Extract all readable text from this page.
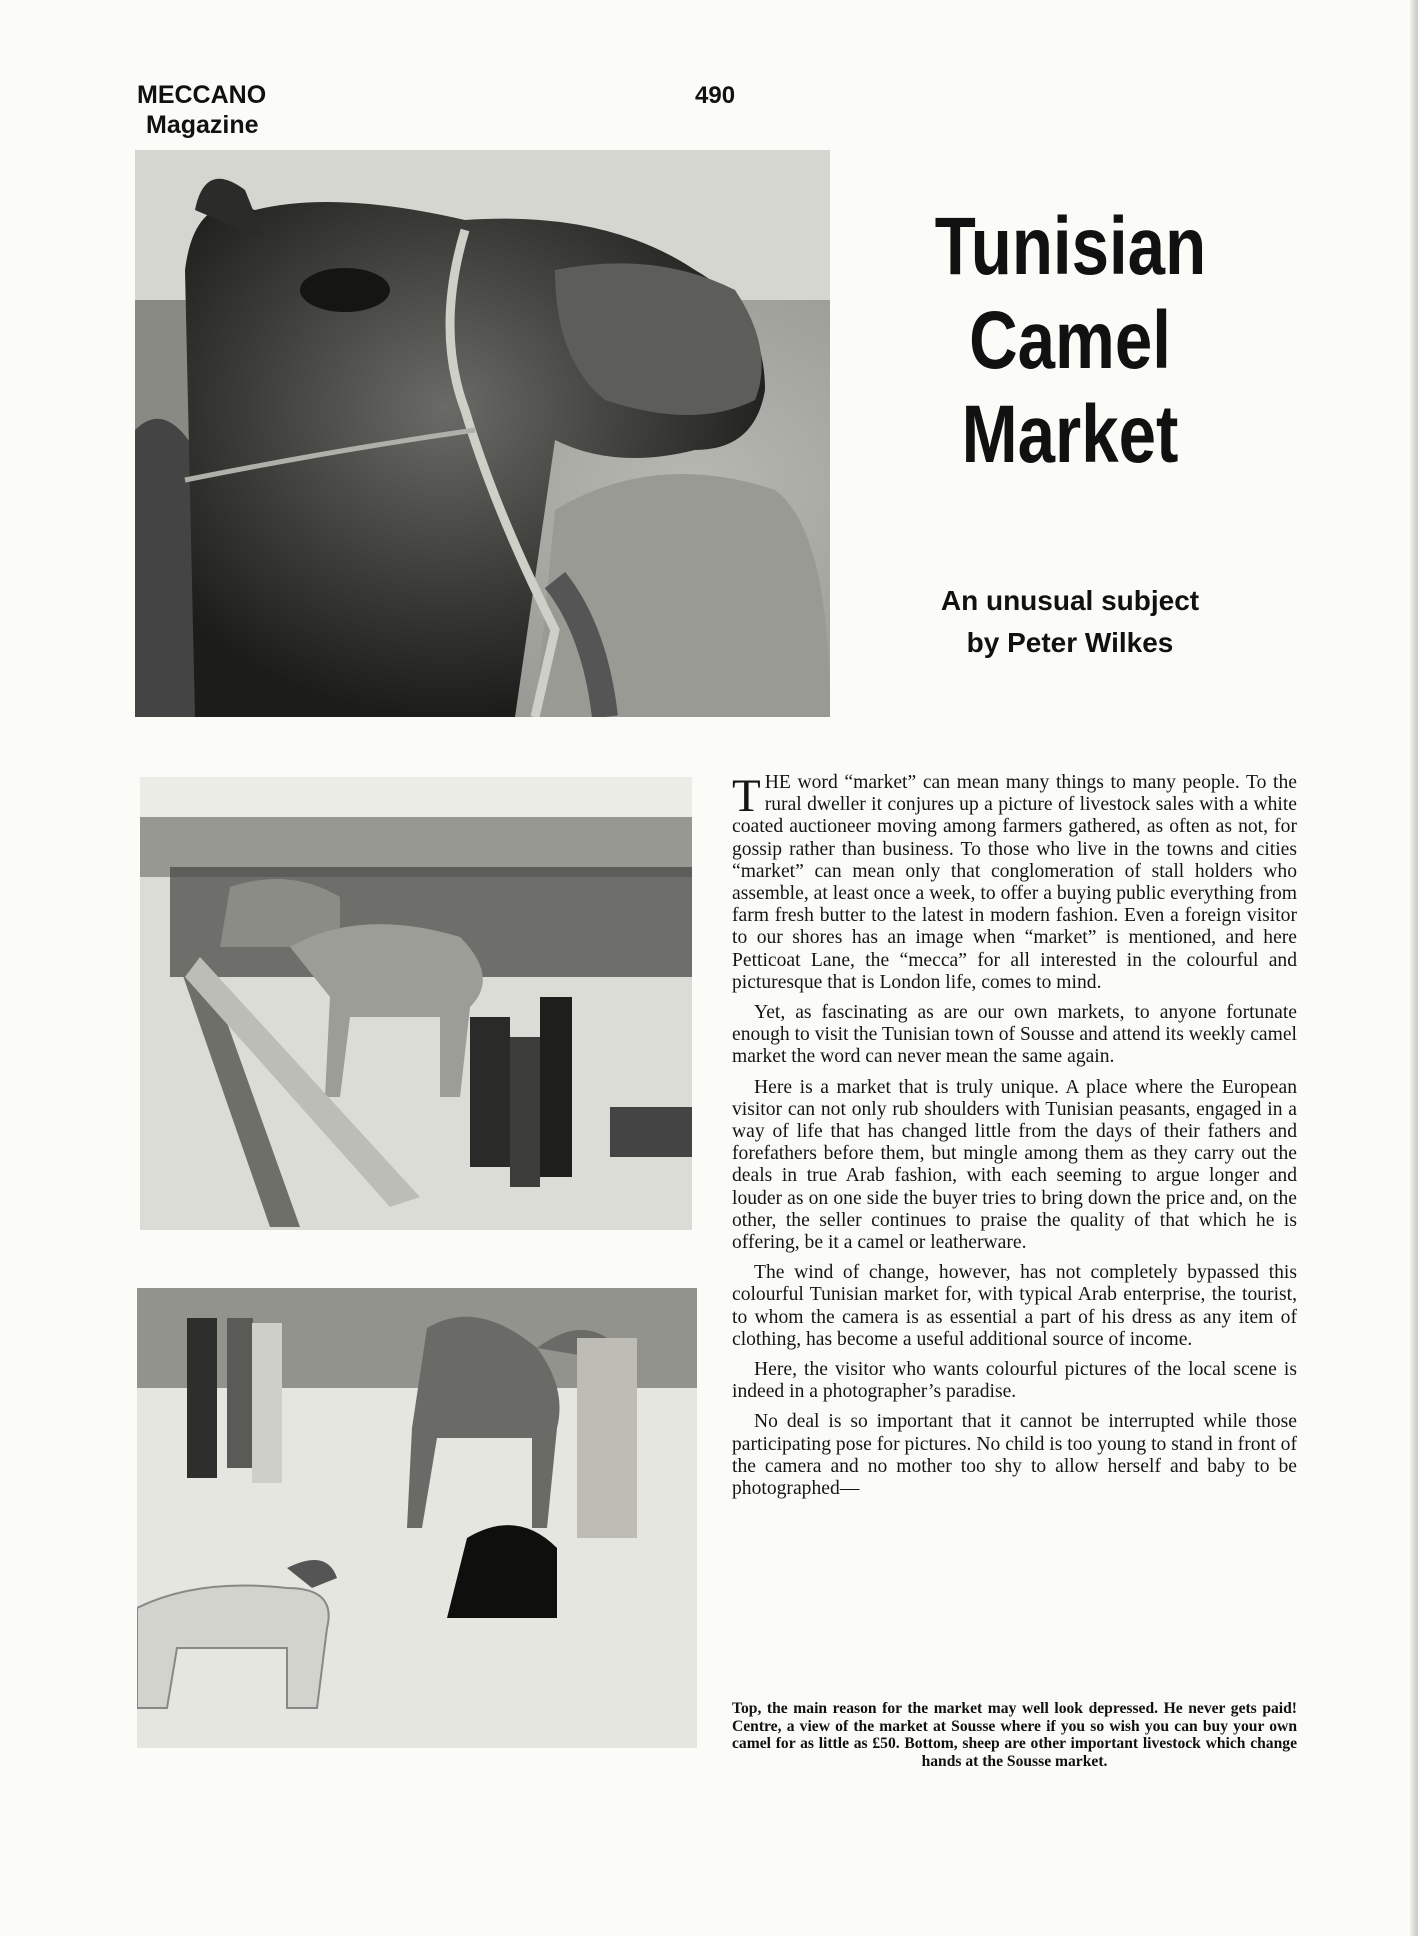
MECCANO
Magazine
490
Tunisian
Camel
Market
An unusual subject
by Peter Wilkes

THE word “market” can mean many things to many people. To the rural dweller it conjures up a picture of livestock sales with a white coated auctioneer moving among farmers gathered, as often as not, for gossip rather than business. To those who live in the towns and cities “market” can mean only that conglomeration of stall holders who assemble, at least once a week, to offer a buying public everything from farm fresh butter to the latest in modern fashion. Even a foreign visitor to our shores has an image when “market” is mentioned, and here Petticoat Lane, the “mecca” for all interested in the colourful and picturesque that is London life, comes to mind.

Yet, as fascinating as are our own markets, to anyone fortunate enough to visit the Tunisian town of Sousse and attend its weekly camel market the word can never mean the same again.

Here is a market that is truly unique. A place where the European visitor can not only rub shoulders with Tunisian peasants, engaged in a way of life that has changed little from the days of their fathers and forefathers before them, but mingle among them as they carry out the deals in true Arab fashion, with each seeming to argue longer and louder as on one side the buyer tries to bring down the price and, on the other, the seller continues to praise the quality of that which he is offering, be it a camel or leatherware.

The wind of change, however, has not completely bypassed this colourful Tunisian market for, with typical Arab enterprise, the tourist, to whom the camera is as essential a part of his dress as any item of clothing, has become a useful additional source of income.

Here, the visitor who wants colourful pictures of the local scene is indeed in a photographer’s paradise.

No deal is so important that it cannot be interrupted while those participating pose for pictures. No child is too young to stand in front of the camera and no mother too shy to allow herself and baby to be photographed—

Top, the main reason for the market may well look depressed. He never gets paid! Centre, a view of the market at Sousse where if you so wish you can buy your own camel for as little as £50. Bottom, sheep are other important livestock which change hands at the Sousse market.
